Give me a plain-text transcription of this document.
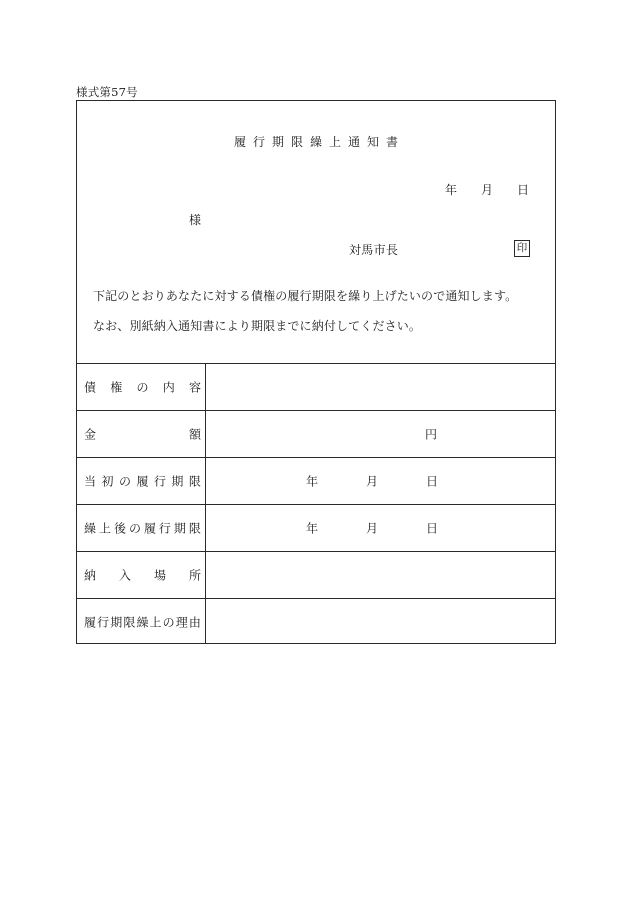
様式第57号
履行期限繰上通知書
年 月 日
様
対馬市長	印
下記のとおりあなたに対する債権の履行期限を繰り上げたいので通知します。
なお、別紙納入通知書により期限までに納付してください。
債 権 の 内 容
金	額	円
当 初 の 履 行 期 限	年	月	日
繰 上 後 の 履 行 期 限	年	月	日
納 入 場 所
履 行 期 限 繰 上 の 理 由
